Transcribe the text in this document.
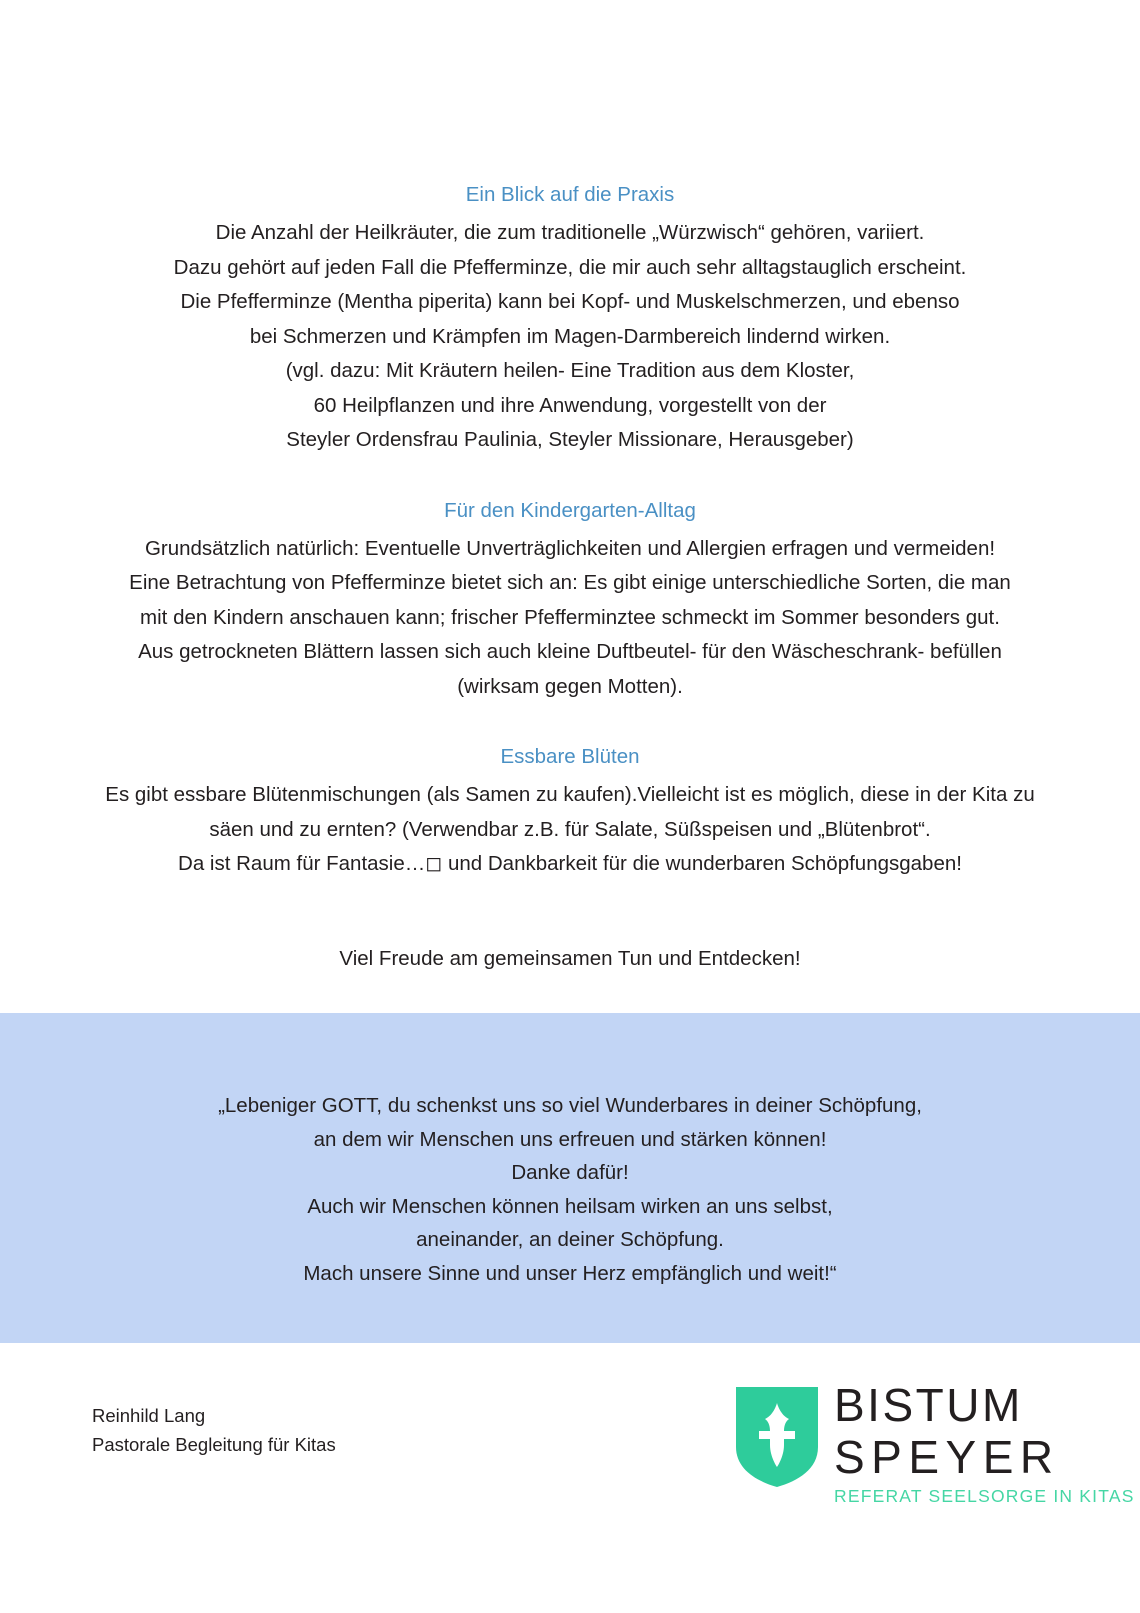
Ein Blick auf die Praxis

Die Anzahl der Heilkräuter, die zum traditionelle „Würzwisch“ gehören, variiert.

Dazu gehört auf jeden Fall die Pfefferminze, die mir auch sehr alltagstauglich erscheint.

Die Pfefferminze (Mentha piperita) kann bei Kopf- und Muskelschmerzen, und ebenso

bei Schmerzen und Krämpfen im Magen-Darmbereich lindernd wirken.

(vgl. dazu: Mit Kräutern heilen- Eine Tradition aus dem Kloster,

60 Heilpflanzen und ihre Anwendung, vorgestellt von der

Steyler Ordensfrau Paulinia, Steyler Missionare, Herausgeber)

Für den Kindergarten-Alltag

Grundsätzlich natürlich: Eventuelle Unverträglichkeiten und Allergien erfragen und vermeiden!

Eine Betrachtung von Pfefferminze bietet sich an: Es gibt einige unterschiedliche Sorten, die man

mit den Kindern anschauen kann; frischer Pfefferminztee schmeckt im Sommer besonders gut.

Aus getrockneten Blättern lassen sich auch kleine Duftbeutel- für den Wäscheschrank- befüllen

(wirksam gegen Motten).

Essbare Blüten

Es gibt essbare Blütenmischungen (als Samen zu kaufen).Vielleicht ist es möglich, diese in der Kita zu

säen und zu ernten? (Verwendbar z.B. für Salate, Süßspeisen und „Blütenbrot“.

Da ist Raum für Fantasie…◻ und Dankbarkeit für die wunderbaren Schöpfungsgaben!

Viel Freude am gemeinsamen Tun und Entdecken!

„Lebeniger GOTT, du schenkst uns so viel Wunderbares in deiner Schöpfung,

an dem wir Menschen uns erfreuen und stärken können!

Danke dafür!

Auch wir Menschen können heilsam wirken an uns selbst,

aneinander, an deiner Schöpfung.

Mach unsere Sinne und unser Herz empfänglich und weit!“

Reinhild Lang
Pastorale Begleitung für Kitas
BISTUM
SPEYER
REFERAT SEELSORGE IN KITAS
